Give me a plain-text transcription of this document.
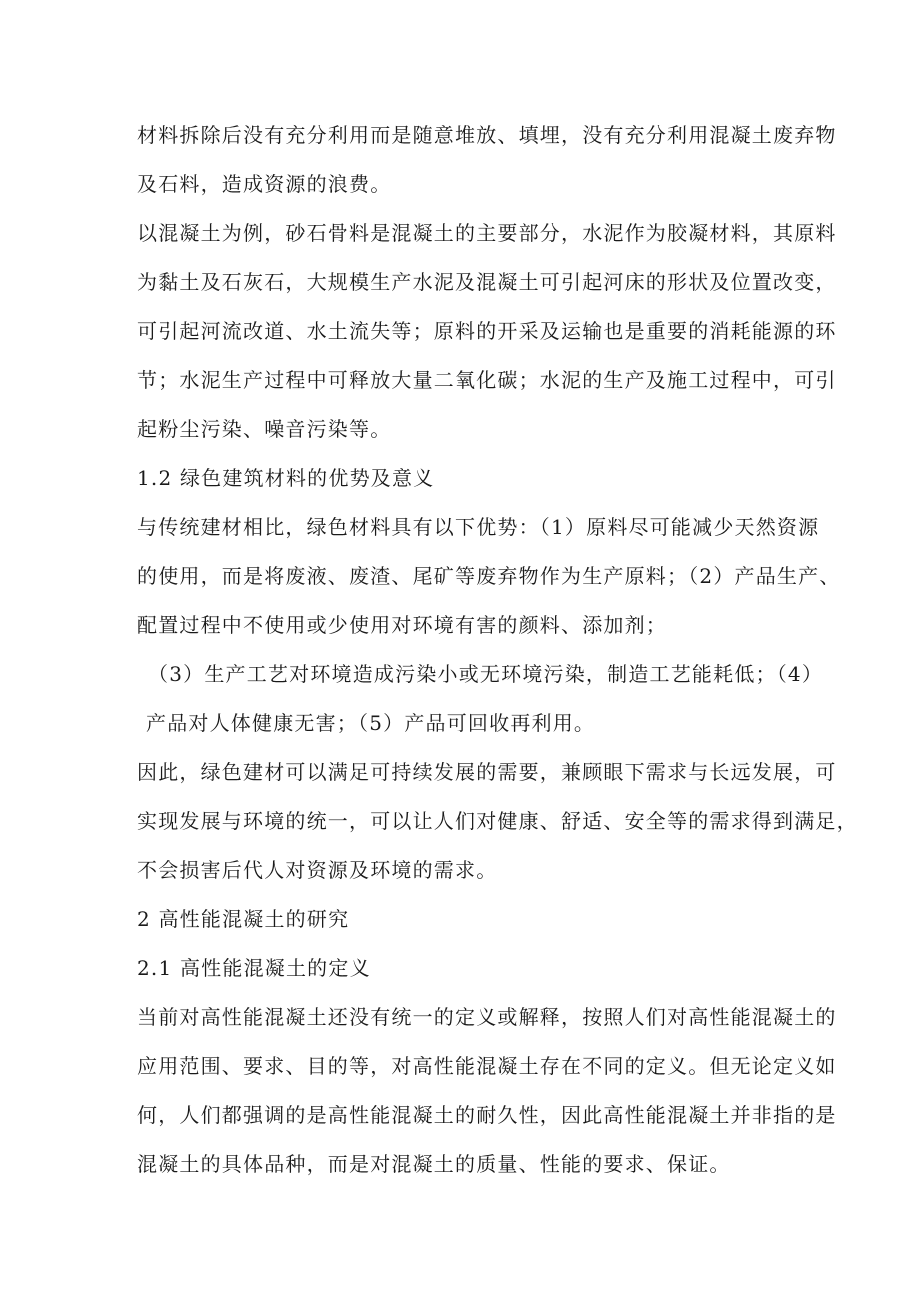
材料拆除后没有充分利用而是随意堆放、填埋，没有充分利用混凝土废弃物
及石料，造成资源的浪费。
以混凝土为例，砂石骨料是混凝土的主要部分，水泥作为胶凝材料，其原料
为黏土及石灰石，大规模生产水泥及混凝土可引起河床的形状及位置改变，
可引起河流改道、水土流失等；原料的开采及运输也是重要的消耗能源的环
节；水泥生产过程中可释放大量二氧化碳；水泥的生产及施工过程中，可引
起粉尘污染、噪音污染等。
1.2 绿色建筑材料的优势及意义
与传统建材相比，绿色材料具有以下优势：（1）原料尽可能减少天然资源
的使用，而是将废液、废渣、尾矿等废弃物作为生产原料；（2）产品生产、
配置过程中不使用或少使用对环境有害的颜料、添加剂；
（3）生产工艺对环境造成污染小或无环境污染，制造工艺能耗低；（4）
产品对人体健康无害；（5）产品可回收再利用。
因此，绿色建材可以满足可持续发展的需要，兼顾眼下需求与长远发展，可
实现发展与环境的统一，可以让人们对健康、舒适、安全等的需求得到满足，
不会损害后代人对资源及环境的需求。
2 高性能混凝土的研究
2.1 高性能混凝土的定义
当前对高性能混凝土还没有统一的定义或解释，按照人们对高性能混凝土的
应用范围、要求、目的等，对高性能混凝土存在不同的定义。但无论定义如
何，人们都强调的是高性能混凝土的耐久性，因此高性能混凝土并非指的是
混凝土的具体品种，而是对混凝土的质量、性能的要求、保证。
